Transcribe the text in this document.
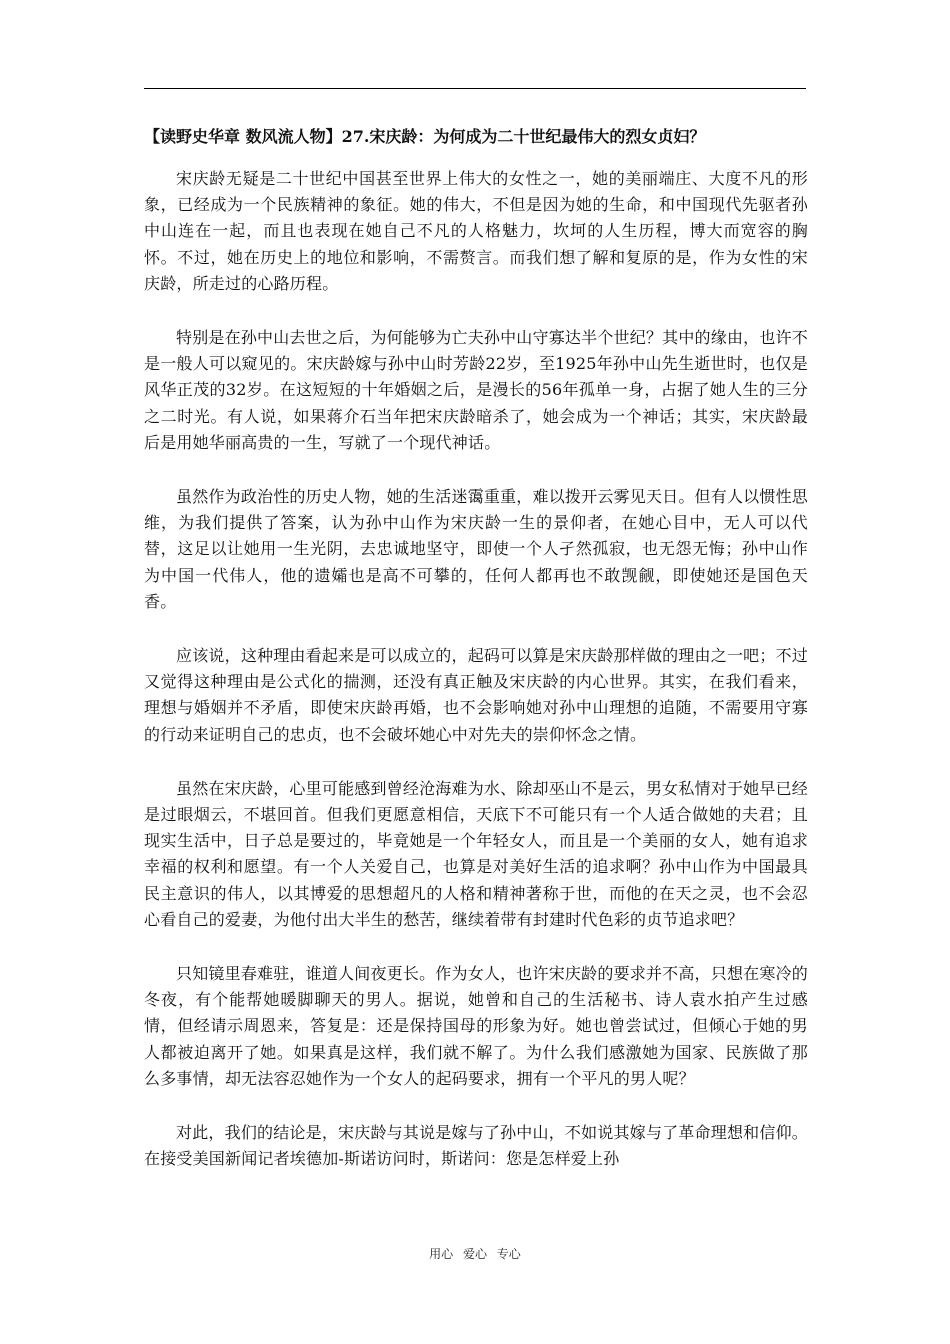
【读野史华章 数风流人物】27.宋庆龄：为何成为二十世纪最伟大的烈女贞妇？

宋庆龄无疑是二十世纪中国甚至世界上伟大的女性之一，她的美丽端庄、大度不凡的形象，已经成为一个民族精神的象征。她的伟大，不但是因为她的生命，和中国现代先驱者孙中山连在一起，而且也表现在她自己不凡的人格魅力，坎坷的人生历程，博大而宽容的胸怀。不过，她在历史上的地位和影响，不需赘言。而我们想了解和复原的是，作为女性的宋庆龄，所走过的心路历程。

特别是在孙中山去世之后，为何能够为亡夫孙中山守寡达半个世纪？其中的缘由，也许不是一般人可以窥见的。宋庆龄嫁与孙中山时芳龄22岁，至1925年孙中山先生逝世时，也仅是风华正茂的32岁。在这短短的十年婚姻之后，是漫长的56年孤单一身，占据了她人生的三分之二时光。有人说，如果蒋介石当年把宋庆龄暗杀了，她会成为一个神话；其实，宋庆龄最后是用她华丽高贵的一生，写就了一个现代神话。

虽然作为政治性的历史人物，她的生活迷霭重重，难以拨开云雾见天日。但有人以惯性思维，为我们提供了答案，认为孙中山作为宋庆龄一生的景仰者，在她心目中，无人可以代替，这足以让她用一生光阴，去忠诚地坚守，即使一个人孑然孤寂，也无怨无悔；孙中山作为中国一代伟人，他的遗孀也是高不可攀的，任何人都再也不敢觊觎，即使她还是国色天香。

应该说，这种理由看起来是可以成立的，起码可以算是宋庆龄那样做的理由之一吧；不过又觉得这种理由是公式化的揣测，还没有真正触及宋庆龄的内心世界。其实，在我们看来，理想与婚姻并不矛盾，即使宋庆龄再婚，也不会影响她对孙中山理想的追随，不需要用守寡的行动来证明自己的忠贞，也不会破坏她心中对先夫的崇仰怀念之情。

虽然在宋庆龄，心里可能感到曾经沧海难为水、除却巫山不是云，男女私情对于她早已经是过眼烟云，不堪回首。但我们更愿意相信，天底下不可能只有一个人适合做她的夫君；且现实生活中，日子总是要过的，毕竟她是一个年轻女人，而且是一个美丽的女人，她有追求幸福的权利和愿望。有一个人关爱自己，也算是对美好生活的追求啊？孙中山作为中国最具民主意识的伟人，以其博爱的思想超凡的人格和精神著称于世，而他的在天之灵，也不会忍心看自己的爱妻，为他付出大半生的愁苦，继续着带有封建时代色彩的贞节追求吧？

只知镜里春难驻，谁道人间夜更长。作为女人，也许宋庆龄的要求并不高，只想在寒冷的冬夜，有个能帮她暖脚聊天的男人。据说，她曾和自己的生活秘书、诗人袁水拍产生过感情，但经请示周恩来，答复是：还是保持国母的形象为好。她也曾尝试过，但倾心于她的男人都被迫离开了她。如果真是这样，我们就不解了。为什么我们感激她为国家、民族做了那么多事情，却无法容忍她作为一个女人的起码要求，拥有一个平凡的男人呢？

对此，我们的结论是，宋庆龄与其说是嫁与了孙中山，不如说其嫁与了革命理想和信仰。在接受美国新闻记者埃德加-斯诺访问时，斯诺问：您是怎样爱上孙

用心 爱心 专心
